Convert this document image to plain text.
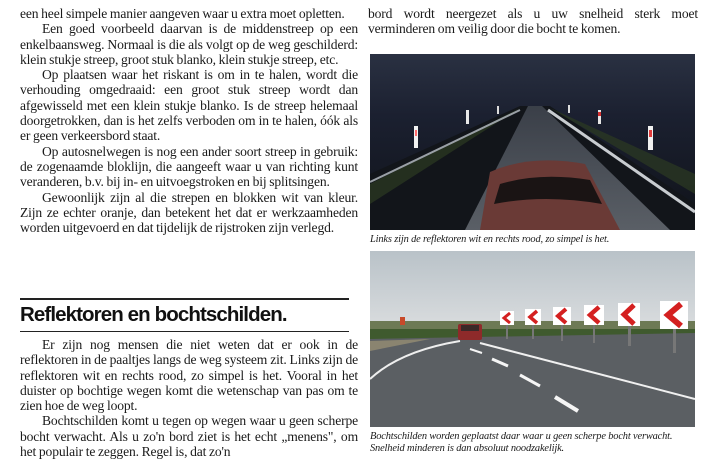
een heel simpele manier aangeven waar u extra moet opletten.

Een goed voorbeeld daarvan is de middenstreep op een enkelbaansweg. Normaal is die als volgt op de weg geschilderd: klein stukje streep, groot stuk blanko, klein stukje streep, etc.

Op plaatsen waar het riskant is om in te halen, wordt die verhouding omgedraaid: een groot stuk streep wordt dan afgewisseld met een klein stukje blanko. Is de streep helemaal doorgetrokken, dan is het zelfs verboden om in te halen, óók als er geen verkeersbord staat.

Op autosnelwegen is nog een ander soort streep in gebruik: de zogenaamde bloklijn, die aangeeft waar u van richting kunt veranderen, b.v. bij in- en uitvoegstroken en bij splitsingen.

Gewoonlijk zijn al die strepen en blokken wit van kleur. Zijn ze echter oranje, dan betekent het dat er werkzaamheden worden uitgevoerd en dat tijdelijk de rijstroken zijn verlegd.

Reflektoren en bochtschilden.

Er zijn nog mensen die niet weten dat er ook in de reflektoren in de paaltjes langs de weg systeem zit. Links zijn de reflektoren wit en rechts rood, zo simpel is het. Vooral in het duister op bochtige wegen komt die wetenschap van pas om te zien hoe de weg loopt.

Bochtschilden komt u tegen op wegen waar u geen scherpe bocht verwacht. Als u zo'n bord ziet is het echt „menens", om het populair te zeggen. Regel is, dat zo'n

bord wordt neergezet als u uw snelheid sterk moet verminderen om veilig door die bocht te komen.

Links zijn de reflektoren wit en rechts rood, zo simpel is het.
Bochtschilden worden geplaatst daar waar u geen scherpe bocht verwacht. Snelheid minderen is dan absoluut noodzakelijk.
